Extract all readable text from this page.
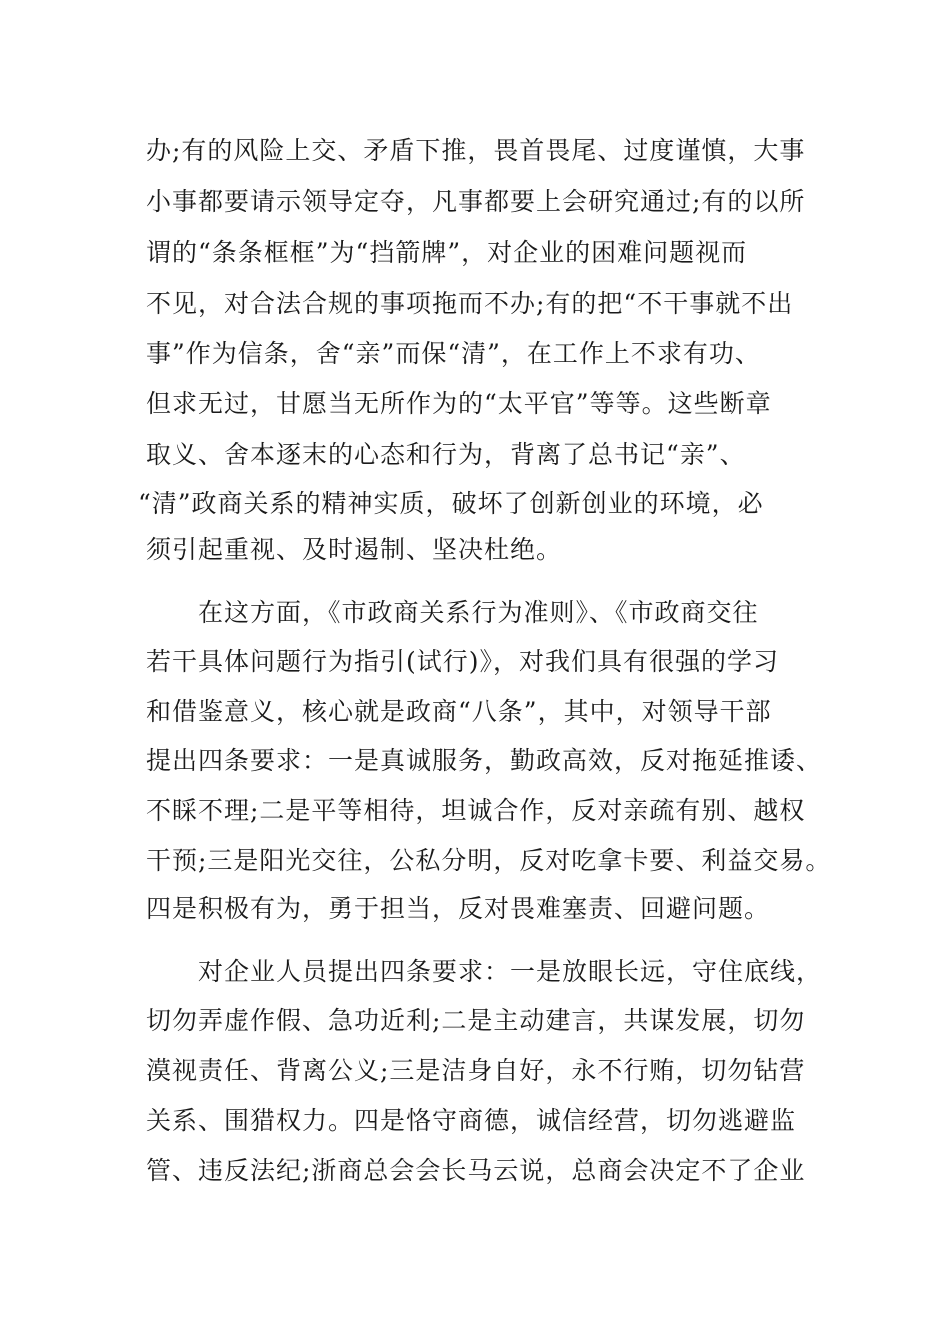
办;有的风险上交、矛盾下推，畏首畏尾、过度谨慎，大事
小事都要请示领导定夺，凡事都要上会研究通过;有的以所
谓的“条条框框”为“挡箭牌”，对企业的困难问题视而
不见，对合法合规的事项拖而不办;有的把“不干事就不出
事”作为信条，舍“亲”而保“清”，在工作上不求有功、
但求无过，甘愿当无所作为的“太平官”等等。这些断章
取义、舍本逐末的心态和行为，背离了总书记“亲”、
“清”政商关系的精神实质，破坏了创新创业的环境，必
须引起重视、及时遏制、坚决杜绝。
在这方面，《市政商关系行为准则》、《市政商交往
若干具体问题行为指引(试行)》，对我们具有很强的学习
和借鉴意义，核心就是政商“八条”，其中，对领导干部
提出四条要求：一是真诚服务，勤政高效，反对拖延推诿、
不睬不理;二是平等相待，坦诚合作，反对亲疏有别、越权
干预;三是阳光交往，公私分明，反对吃拿卡要、利益交易。
四是积极有为，勇于担当，反对畏难塞责、回避问题。
对企业人员提出四条要求：一是放眼长远，守住底线，
切勿弄虚作假、急功近利;二是主动建言，共谋发展，切勿
漠视责任、背离公义;三是洁身自好，永不行贿，切勿钻营
关系、围猎权力。四是恪守商德，诚信经营，切勿逃避监
管、违反法纪;浙商总会会长马云说，总商会决定不了企业
